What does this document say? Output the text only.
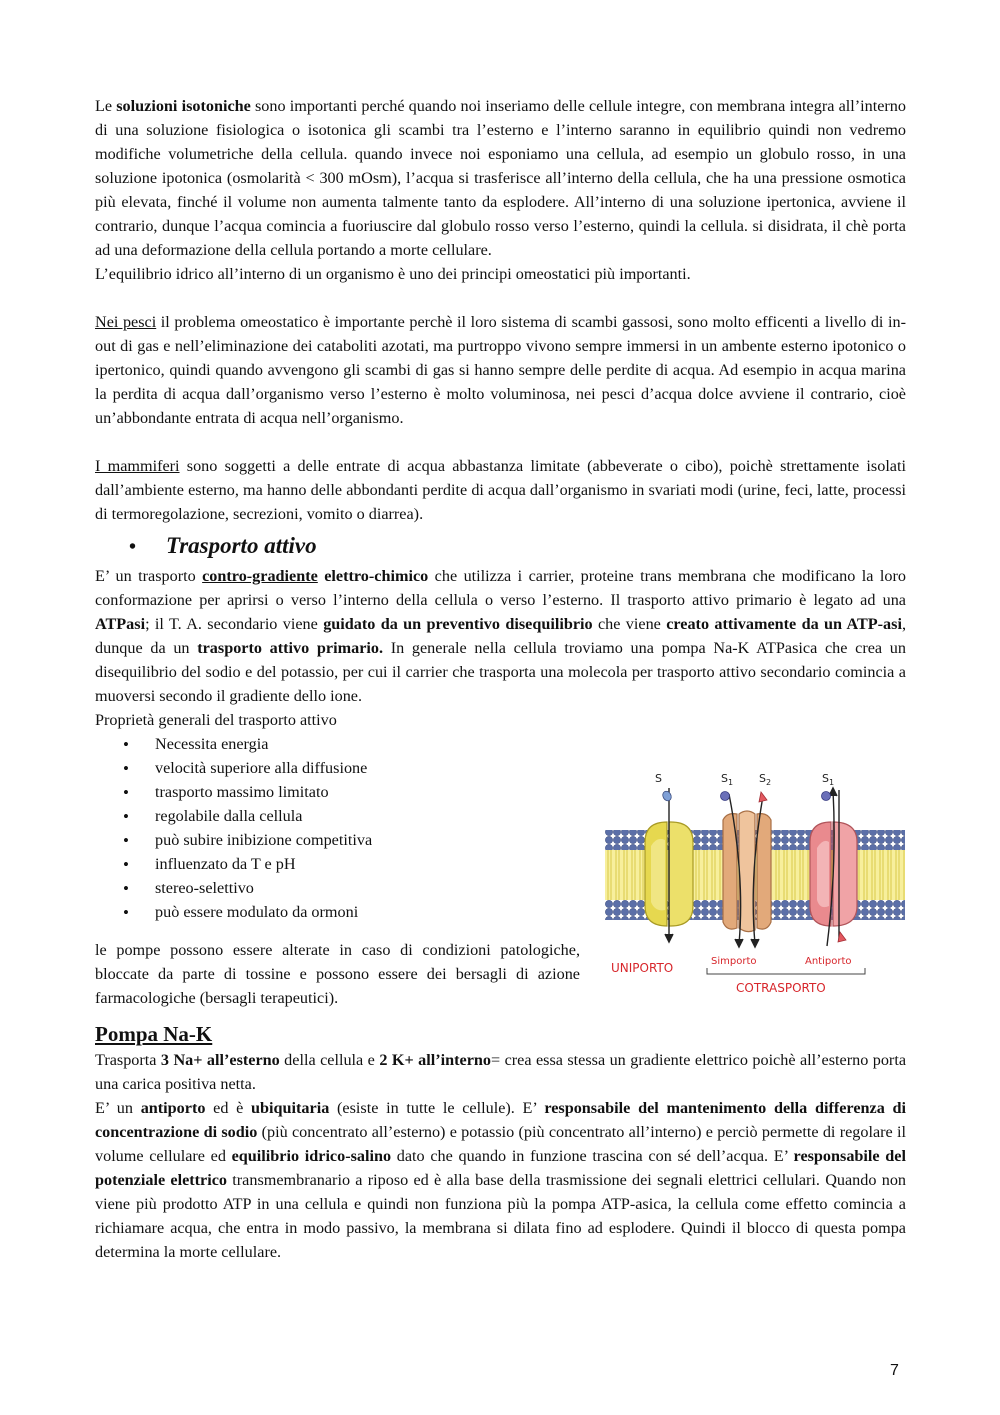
Le soluzioni isotoniche sono importanti perché quando noi inseriamo delle cellule integre, con membrana integra all’interno di una soluzione fisiologica o isotonica gli scambi tra l’esterno e l’interno saranno in equilibrio quindi non vedremo modifiche volumetriche della cellula. quando invece noi esponiamo una cellula, ad esempio un globulo rosso, in una soluzione ipotonica (osmolarità < 300 mOsm), l’acqua si trasferisce all’interno della cellula, che ha una pressione osmotica più elevata, finché il volume non aumenta talmente tanto da esplodere. All’interno di una soluzione ipertonica, avviene il contrario, dunque l’acqua comincia a fuoriuscire dal globulo rosso verso l’esterno, quindi la cellula. si disidrata, il chè porta ad una deformazione della cellula portando a morte cellulare.

L’equilibrio idrico all’interno di un organismo è uno dei principi omeostatici più importanti.

Nei pesci il problema omeostatico è importante perchè il loro sistema di scambi gassosi, sono molto efficenti a livello di in-out di gas e nell’eliminazione dei cataboliti azotati, ma purtroppo vivono sempre immersi in un ambente esterno ipotonico o ipertonico, quindi quando avvengono gli scambi di gas si hanno sempre delle perdite di acqua. Ad esempio in acqua marina la perdita di acqua dall’organismo verso l’esterno è molto voluminosa, nei pesci d’acqua dolce avviene il contrario, cioè un’abbondante entrata di acqua nell’organismo.

I mammiferi sono soggetti a delle entrate di acqua abbastanza limitate (abbeverate o cibo), poichè strettamente isolati dall’ambiente esterno, ma hanno delle abbondanti perdite di acqua dall’organismo in svariati modi (urine, feci, latte, processi di termoregolazione, secrezioni, vomito o diarrea).

• Trasporto attivo

E’ un trasporto contro-gradiente elettro-chimico che utilizza i carrier, proteine trans membrana che modificano la loro conformazione per aprirsi o verso l’interno della cellula o verso l’esterno. Il trasporto attivo primario è legato ad una ATPasi; il T. A. secondario viene guidato da un preventivo disequilibrio che viene creato attivamente da un ATP-asi, dunque da un trasporto attivo primario. In generale nella cellula troviamo una pompa Na-K ATPasica che crea un disequilibrio del sodio e del potassio, per cui il carrier che trasporta una molecola per trasporto attivo secondario comincia a muoversi secondo il gradiente dello ione.

Proprietà generali del trasporto attivo

• Necessita energia
• velocità superiore alla diffusione
• trasporto massimo limitato
• regolabile dalla cellula
• può subire inibizione competitiva
• influenzato da T e pH
• stereo-selettivo
• può essere modulato da ormoni

le pompe possono essere alterate in caso di condizioni patologiche, bloccate da parte di tossine e possono essere dei bersagli di azione farmacologiche (bersagli terapeutici).

S	$S_1$ $S_2$	$S_1$
UNIPORTO	Simporto	Antiporto
COTRASPORTO
Pompa Na-K

Trasporta 3 Na+ all’esterno della cellula e 2 K+ all’interno= crea essa stessa un gradiente elettrico poichè all’esterno porta una carica positiva netta.

E’ un antiporto ed è ubiquitaria (esiste in tutte le cellule). E’ responsabile del mantenimento della differenza di concentrazione di sodio (più concentrato all’esterno) e potassio (più concentrato all’interno) e perciò permette di regolare il volume cellulare ed equilibrio idrico-salino dato che quando in funzione trascina con sé dell’acqua. E’ responsabile del potenziale elettrico transmembranario a riposo ed è alla base della trasmissione dei segnali elettrici cellulari. Quando non viene più prodotto ATP in una cellula e quindi non funziona più la pompa ATP-asica, la cellula come effetto comincia a richiamare acqua, che entra in modo passivo, la membrana si dilata fino ad esplodere. Quindi il blocco di questa pompa determina la morte cellulare.

7
